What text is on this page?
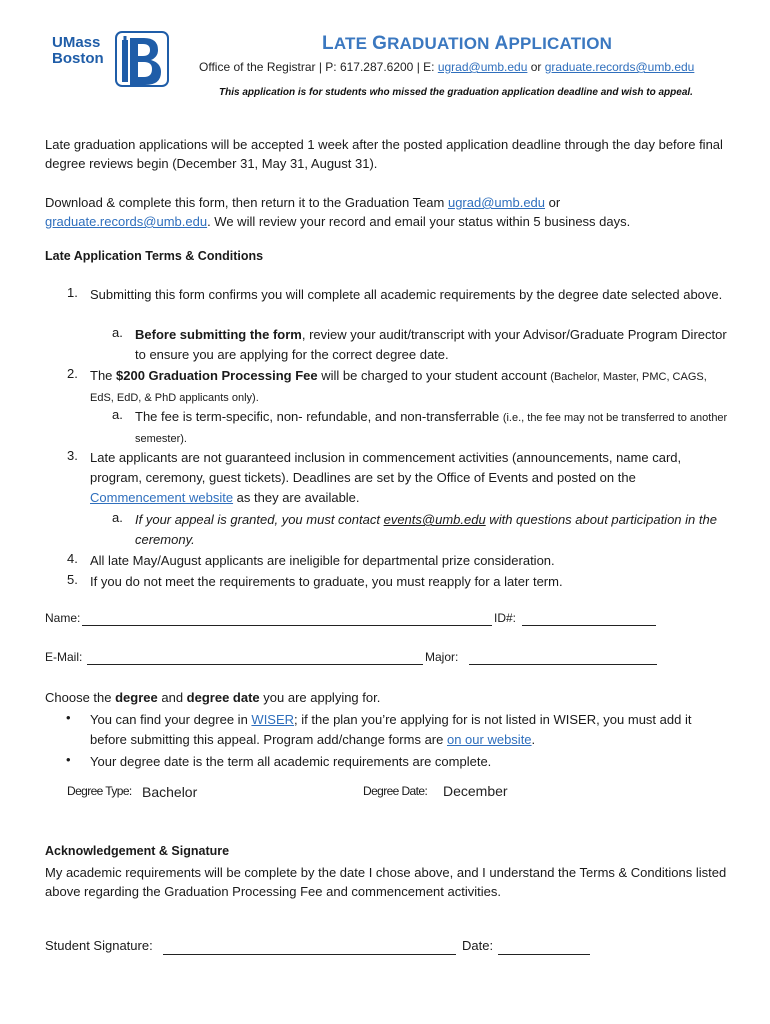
UMass
Boston
LATE GRADUATION APPLICATION
Office of the Registrar | P: 617.287.6200 | E: ugrad@umb.edu or graduate.records@umb.edu
This application is for students who missed the graduation application deadline and wish to appeal.
Late graduation applications will be accepted 1 week after the posted application deadline through the day before final degree reviews begin (December 31, May 31, August 31).
Download & complete this form, then return it to the Graduation Team ugrad@umb.edu or
graduate.records@umb.edu. We will review your record and email your status within 5 business days.
Late Application Terms & Conditions
1. Submitting this form confirms you will complete all academic requirements by the degree date selected above.
a. Before submitting the form, review your audit/transcript with your Advisor/Graduate Program Director to ensure you are applying for the correct degree date.
2. The $200 Graduation Processing Fee will be charged to your student account (Bachelor, Master, PMC, CAGS, EdS, EdD, & PhD applicants only).
a. The fee is term-specific, non- refundable, and non-transferrable (i.e., the fee may not be transferred to another semester).
3. Late applicants are not guaranteed inclusion in commencement activities (announcements, name card, program, ceremony, guest tickets). Deadlines are set by the Office of Events and posted on the Commencement website as they are available.
a. If your appeal is granted, you must contact events@umb.edu with questions about participation in the ceremony.
4. All late May/August applicants are ineligible for departmental prize consideration.
5. If you do not meet the requirements to graduate, you must reapply for a later term.
Name:	ID#:
E-Mail:	Major:
Choose the degree and degree date you are applying for.
• You can find your degree in WISER; if the plan you’re applying for is not listed in WISER, you must add it before submitting this appeal. Program add/change forms are on our website.
• Your degree date is the term all academic requirements are complete.
Degree Type: Bachelor	Degree Date: December
Acknowledgement & Signature
My academic requirements will be complete by the date I chose above, and I understand the Terms & Conditions listed above regarding the Graduation Processing Fee and commencement activities.
Student Signature:	Date:
